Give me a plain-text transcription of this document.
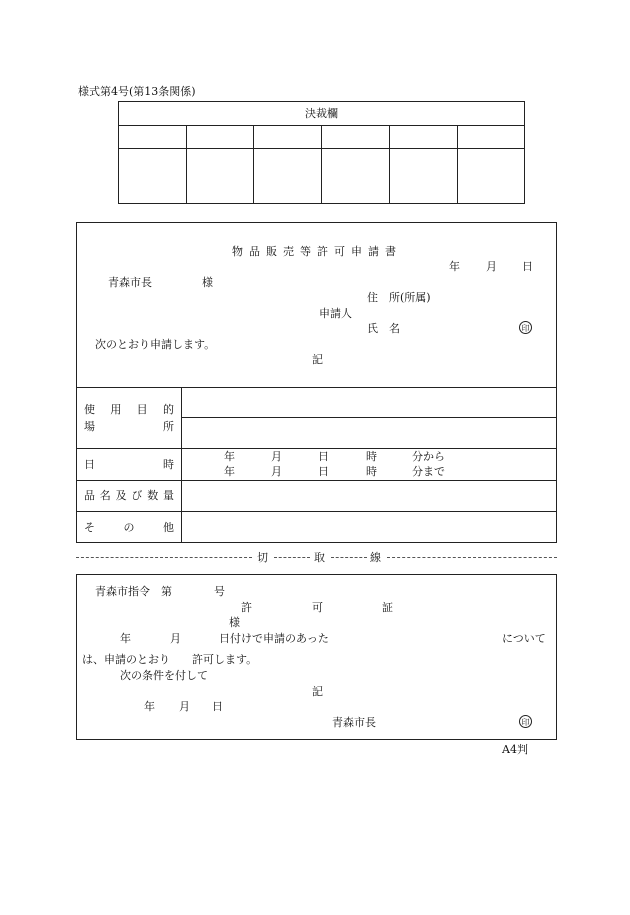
様式第4号(第13条関係)
決裁欄
物品販売等許可申請書
年 月 日
青森市長	様
住　所(所属)
申請人
氏　名	印
次のとおり申請します。
記
使用目的
場所
日時
年	月	日	時	分から
年	月	日	時	分まで
品名及び数量
その他
切	取	線
青森市指令　第	号
許	可	証
様
年	月	日付けで申請のあった	について
は、申請のとおり　　許可します。
次の条件を付して
記
年 月 日
青森市長	印
A4判
